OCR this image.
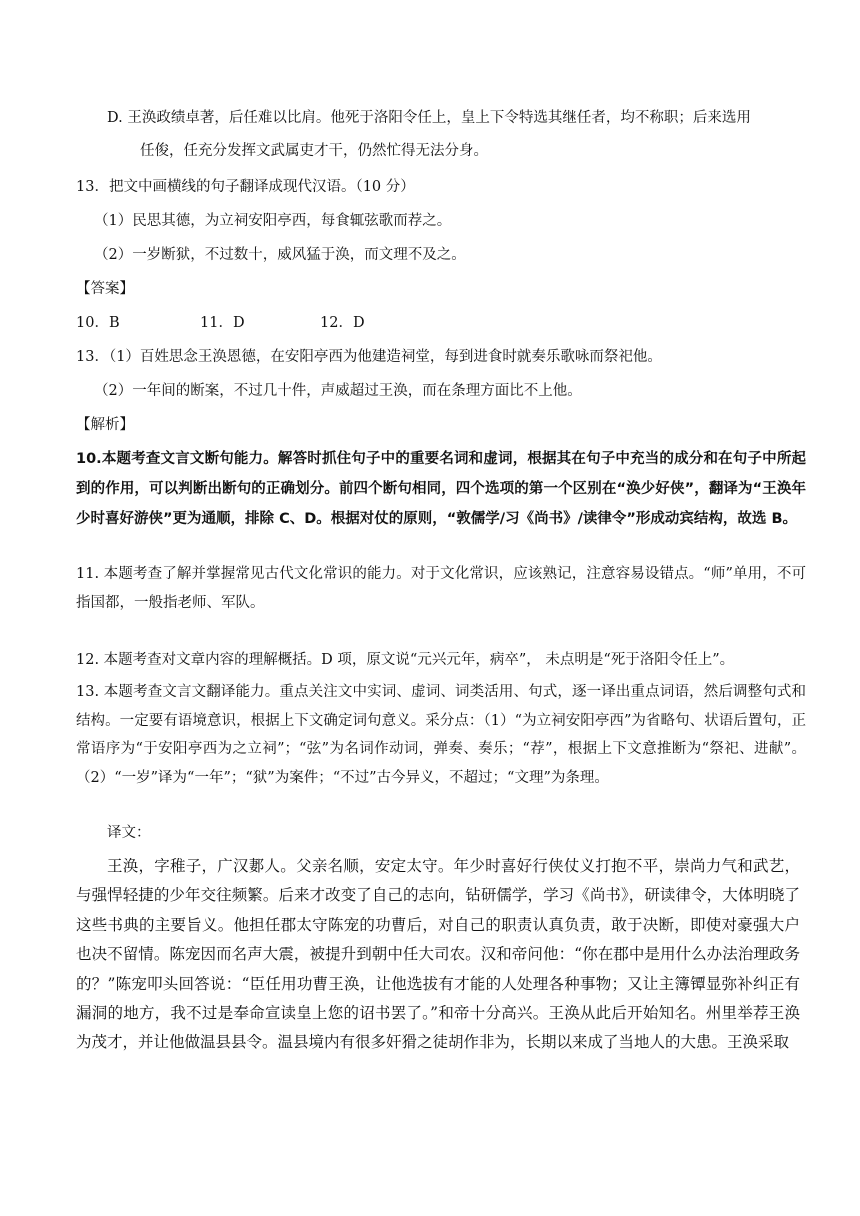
D. 王涣政绩卓著，后任难以比肩。他死于洛阳令任上，皇上下令特选其继任者，均不称职；后来选用
任俊，任充分发挥文武属吏才干，仍然忙得无法分身。
13．把文中画横线的句子翻译成现代汉语。（10 分）
（1）民思其德，为立祠安阳亭西，每食辄弦歌而荐之。
（2）一岁断狱，不过数十，威风猛于涣，而文理不及之。
【答案】
10．B	11．D	12．D
13．（1）百姓思念王涣恩德，在安阳亭西为他建造祠堂，每到进食时就奏乐歌咏而祭祀他。
（2）一年间的断案，不过几十件，声威超过王涣，而在条理方面比不上他。
【解析】
10.本题考查文言文断句能力。解答时抓住句子中的重要名词和虚词，根据其在句子中充当的成分和在句子中所起到的作用，可以判断出断句的正确划分。前四个断句相同，四个选项的第一个区别在“涣少好侠”，翻译为“王涣年少时喜好游侠”更为通顺，排除 C、D。根据对仗的原则，“敦儒学/习《尚书》/读律令”形成动宾结构，故选 B。
11. 本题考查了解并掌握常见古代文化常识的能力。对于文化常识，应该熟记，注意容易设错点。“师”单用，不可指国都，一般指老师、军队。
12. 本题考查对文章内容的理解概括。D 项，原文说“元兴元年，病卒”， 未点明是“死于洛阳令任上”。
13. 本题考查文言文翻译能力。重点关注文中实词、虚词、词类活用、句式，逐一译出重点词语，然后调整句式和结构。一定要有语境意识，根据上下文确定词句意义。采分点：（1）“为立祠安阳亭西”为省略句、状语后置句，正常语序为“于安阳亭西为之立祠”；“弦”为名词作动词，弹奏、奏乐；“荐”，根据上下文意推断为“祭祀、进献”。（2）“一岁”译为“一年”；“狱”为案件；“不过”古今异义，不超过；“文理”为条理。
译文：
王涣，字稚子，广汉郪人。父亲名顺，安定太守。年少时喜好行侠仗义打抱不平，崇尚力气和武艺，与强悍轻捷的少年交往频繁。后来才改变了自己的志向，钻研儒学，学习《尚书》，研读律令，大体明晓了这些书典的主要旨义。他担任郡太守陈宠的功曹后，对自己的职责认真负责，敢于决断，即使对豪强大户也决不留情。陈宠因而名声大震，被提升到朝中任大司农。汉和帝问他：“你在郡中是用什么办法治理政务的？”陈宠叩头回答说：“臣任用功曹王涣，让他选拔有才能的人处理各种事物；又让主簿镡显弥补纠正有漏洞的地方，我不过是奉命宣读皇上您的诏书罢了。”和帝十分高兴。王涣从此后开始知名。州里举荐王涣为茂才，并让他做温县县令。温县境内有很多奸猾之徒胡作非为，长期以来成了当地人的大患。王涣采取
